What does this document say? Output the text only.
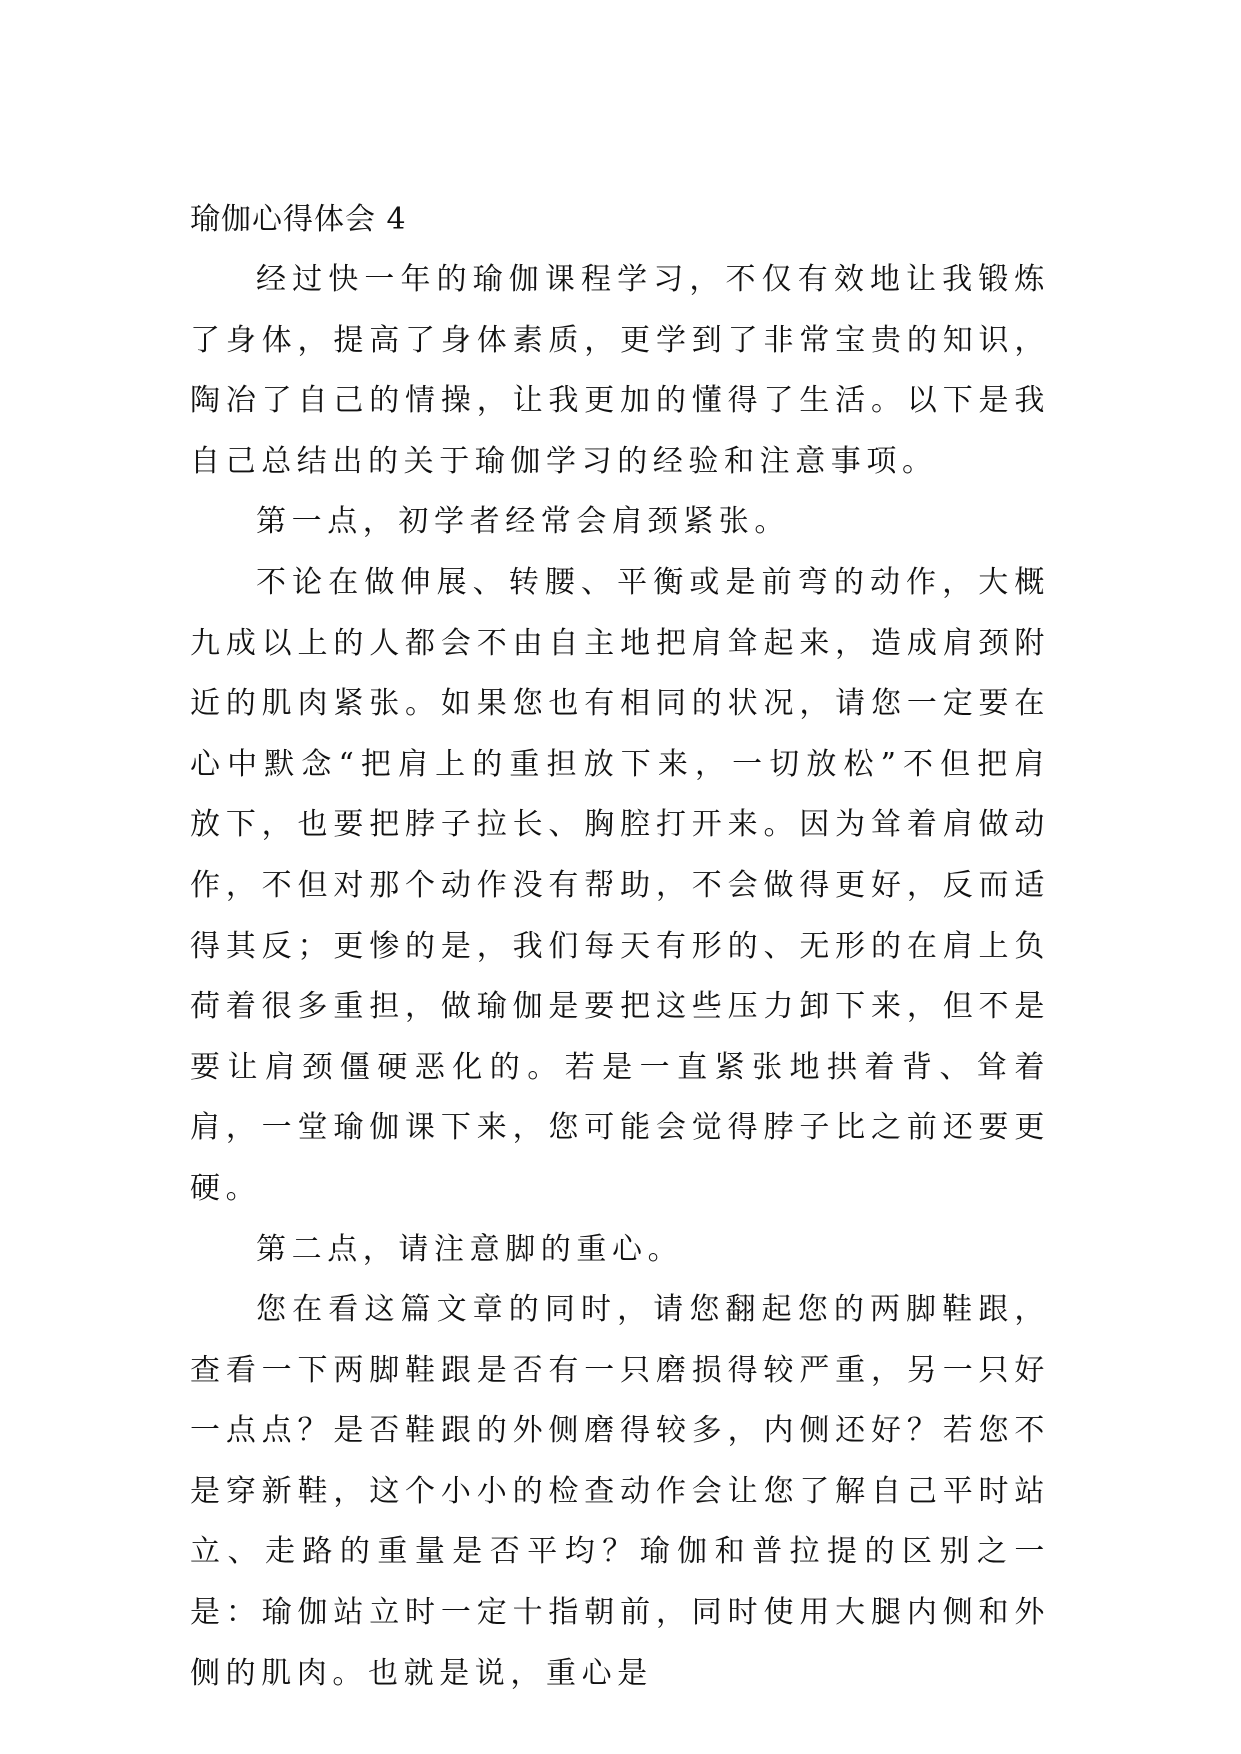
瑜伽心得体会 4

经过快一年的瑜伽课程学习，不仅有效地让我锻炼了身体，提高了身体素质，更学到了非常宝贵的知识，陶冶了自己的情操，让我更加的懂得了生活。以下是我自己总结出的关于瑜伽学习的经验和注意事项。

第一点，初学者经常会肩颈紧张。

不论在做伸展、转腰、平衡或是前弯的动作，大概九成以上的人都会不由自主地把肩耸起来，造成肩颈附近的肌肉紧张。如果您也有相同的状况，请您一定要在心中默念“把肩上的重担放下来，一切放松”不但把肩放下，也要把脖子拉长、胸腔打开来。因为耸着肩做动作，不但对那个动作没有帮助，不会做得更好，反而适得其反；更惨的是，我们每天有形的、无形的在肩上负荷着很多重担，做瑜伽是要把这些压力卸下来，但不是要让肩颈僵硬恶化的。若是一直紧张地拱着背、耸着肩，一堂瑜伽课下来，您可能会觉得脖子比之前还要更硬。

第二点，请注意脚的重心。

您在看这篇文章的同时，请您翻起您的两脚鞋跟，查看一下两脚鞋跟是否有一只磨损得较严重，另一只好一点点？是否鞋跟的外侧磨得较多，内侧还好？若您不是穿新鞋，这个小小的检查动作会让您了解自己平时站立、走路的重量是否平均？瑜伽和普拉提的区别之一是：瑜伽站立时一定十指朝前，同时使用大腿内侧和外侧的肌肉。也就是说，重心是
